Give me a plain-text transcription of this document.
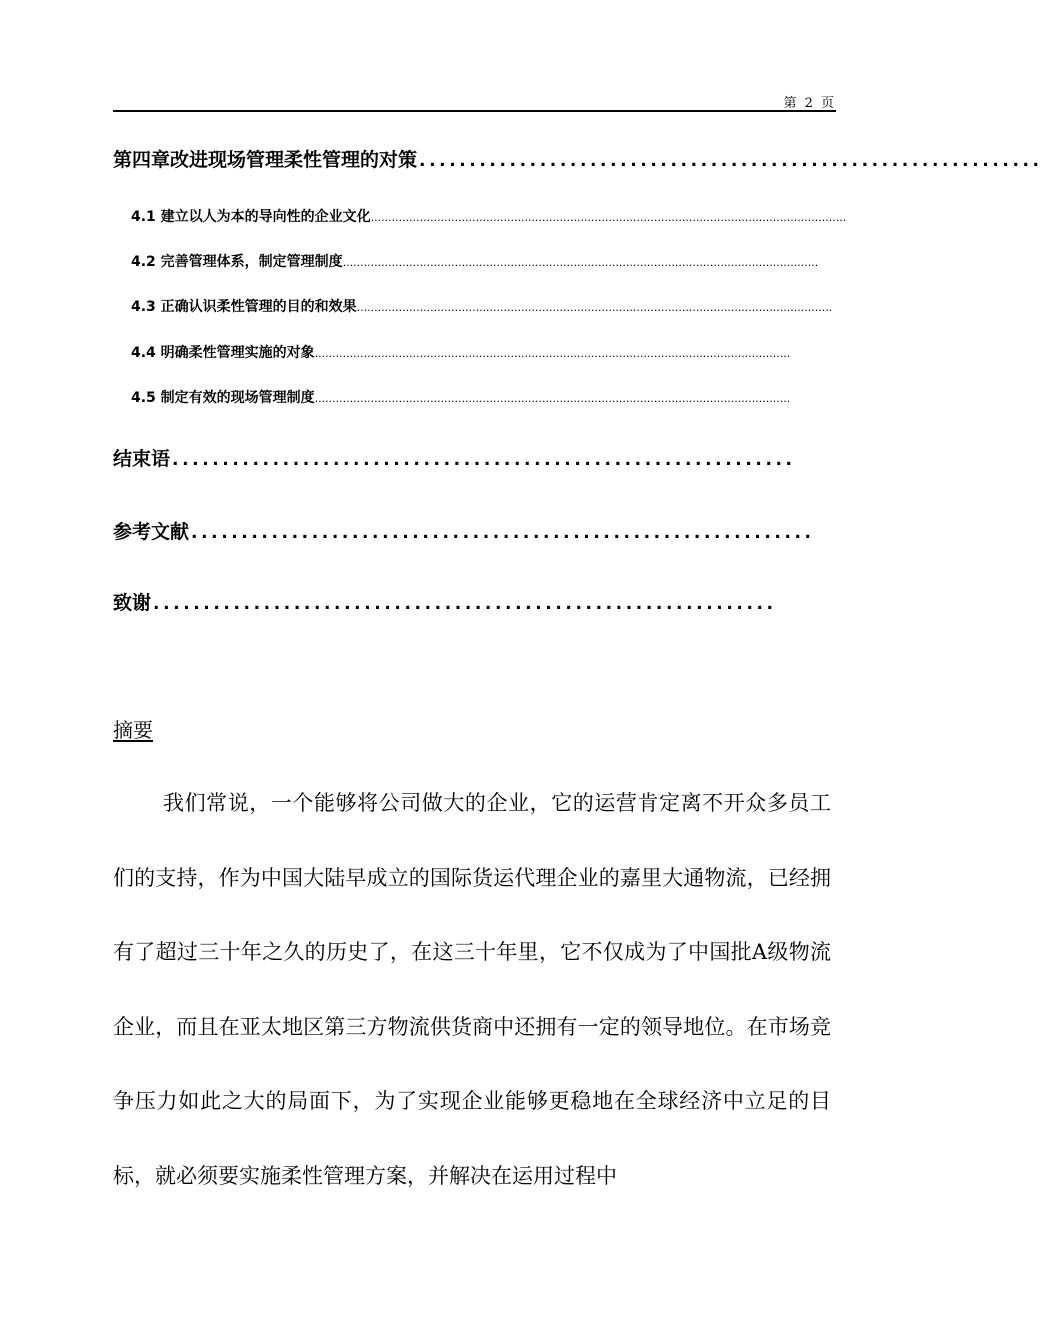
第 2 页
第四章改进现场管理柔性管理的对策 ..............................................................
4.1 建立以人为本的导向性的企业文化 ........................................................................................................................................
4.2 完善管理体系，制定管理制度 ........................................................................................................................................
4.3 正确认识柔性管理的目的和效果 ........................................................................................................................................
4.4 明确柔性管理实施的对象 ........................................................................................................................................
4.5 制定有效的现场管理制度 ........................................................................................................................................
结束语 ..............................................................
参考文献 ..............................................................
致谢 ..............................................................
摘要

我们常说，一个能够将公司做大的企业，它的运营肯定离不开众多员工们的支持，作为中国大陆早成立的国际货运代理企业的嘉里大通物流，已经拥有了超过三十年之久的历史了，在这三十年里，它不仅成为了中国批A级物流企业，而且在亚太地区第三方物流供货商中还拥有一定的领导地位。在市场竞争压力如此之大的局面下，为了实现企业能够更稳地在全球经济中立足的目标，就必须要实施柔性管理方案，并解决在运用过程中
